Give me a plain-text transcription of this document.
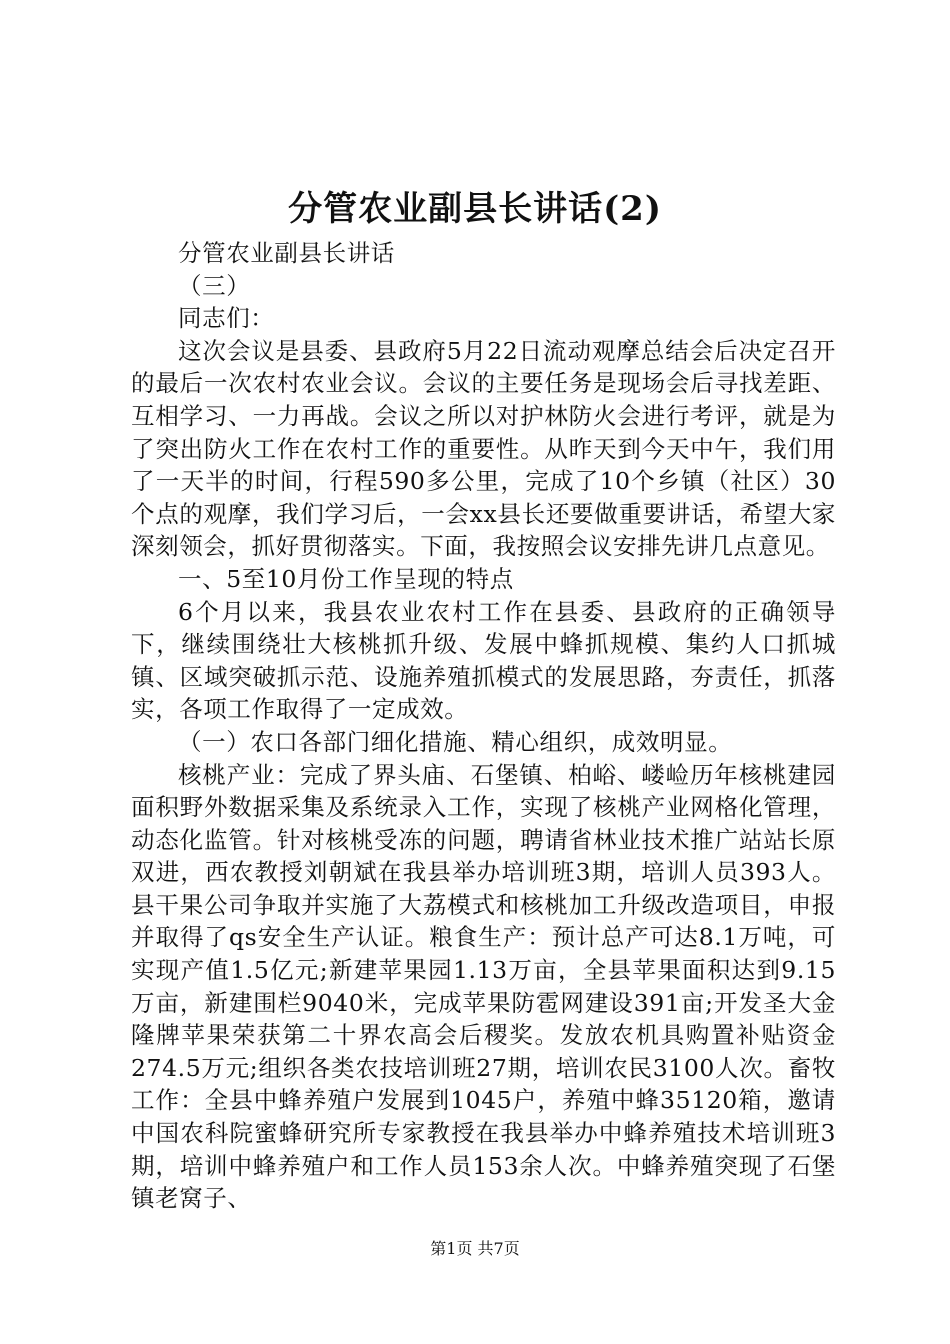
分管农业副县长讲话(2)

分管农业副县长讲话

（三）

同志们：

这次会议是县委、县政府5月22日流动观摩总结会后决定召开的最后一次农村农业会议。会议的主要任务是现场会后寻找差距、互相学习、一力再战。会议之所以对护林防火会进行考评，就是为了突出防火工作在农村工作的重要性。从昨天到今天中午，我们用了一天半的时间，行程590多公里，完成了10个乡镇（社区）30个点的观摩，我们学习后，一会xx县长还要做重要讲话，希望大家深刻领会，抓好贯彻落实。下面，我按照会议安排先讲几点意见。

一、5至10月份工作呈现的特点

6个月以来，我县农业农村工作在县委、县政府的正确领导下，继续围绕壮大核桃抓升级、发展中蜂抓规模、集约人口抓城镇、区域突破抓示范、设施养殖抓模式的发展思路，夯责任，抓落实，各项工作取得了一定成效。

（一）农口各部门细化措施、精心组织，成效明显。

核桃产业：完成了界头庙、石堡镇、柏峪、嵝崄历年核桃建园面积野外数据采集及系统录入工作，实现了核桃产业网格化管理，动态化监管。针对核桃受冻的问题，聘请省林业技术推广站站长原双进，西农教授刘朝斌在我县举办培训班3期，培训人员393人。县干果公司争取并实施了大荔模式和核桃加工升级改造项目，申报并取得了qs安全生产认证。粮食生产：预计总产可达8.1万吨，可实现产值1.5亿元;新建苹果园1.13万亩，全县苹果面积达到9.15万亩，新建围栏9040米，完成苹果防雹网建设391亩;开发圣大金隆牌苹果荣获第二十界农高会后稷奖。发放农机具购置补贴资金274.5万元;组织各类农技培训班27期，培训农民3100人次。畜牧工作：全县中蜂养殖户发展到1045户，养殖中蜂35120箱，邀请中国农科院蜜蜂研究所专家教授在我县举办中蜂养殖技术培训班3期，培训中蜂养殖户和工作人员153余人次。中蜂养殖突现了石堡镇老窝子、

第1页 共7页
